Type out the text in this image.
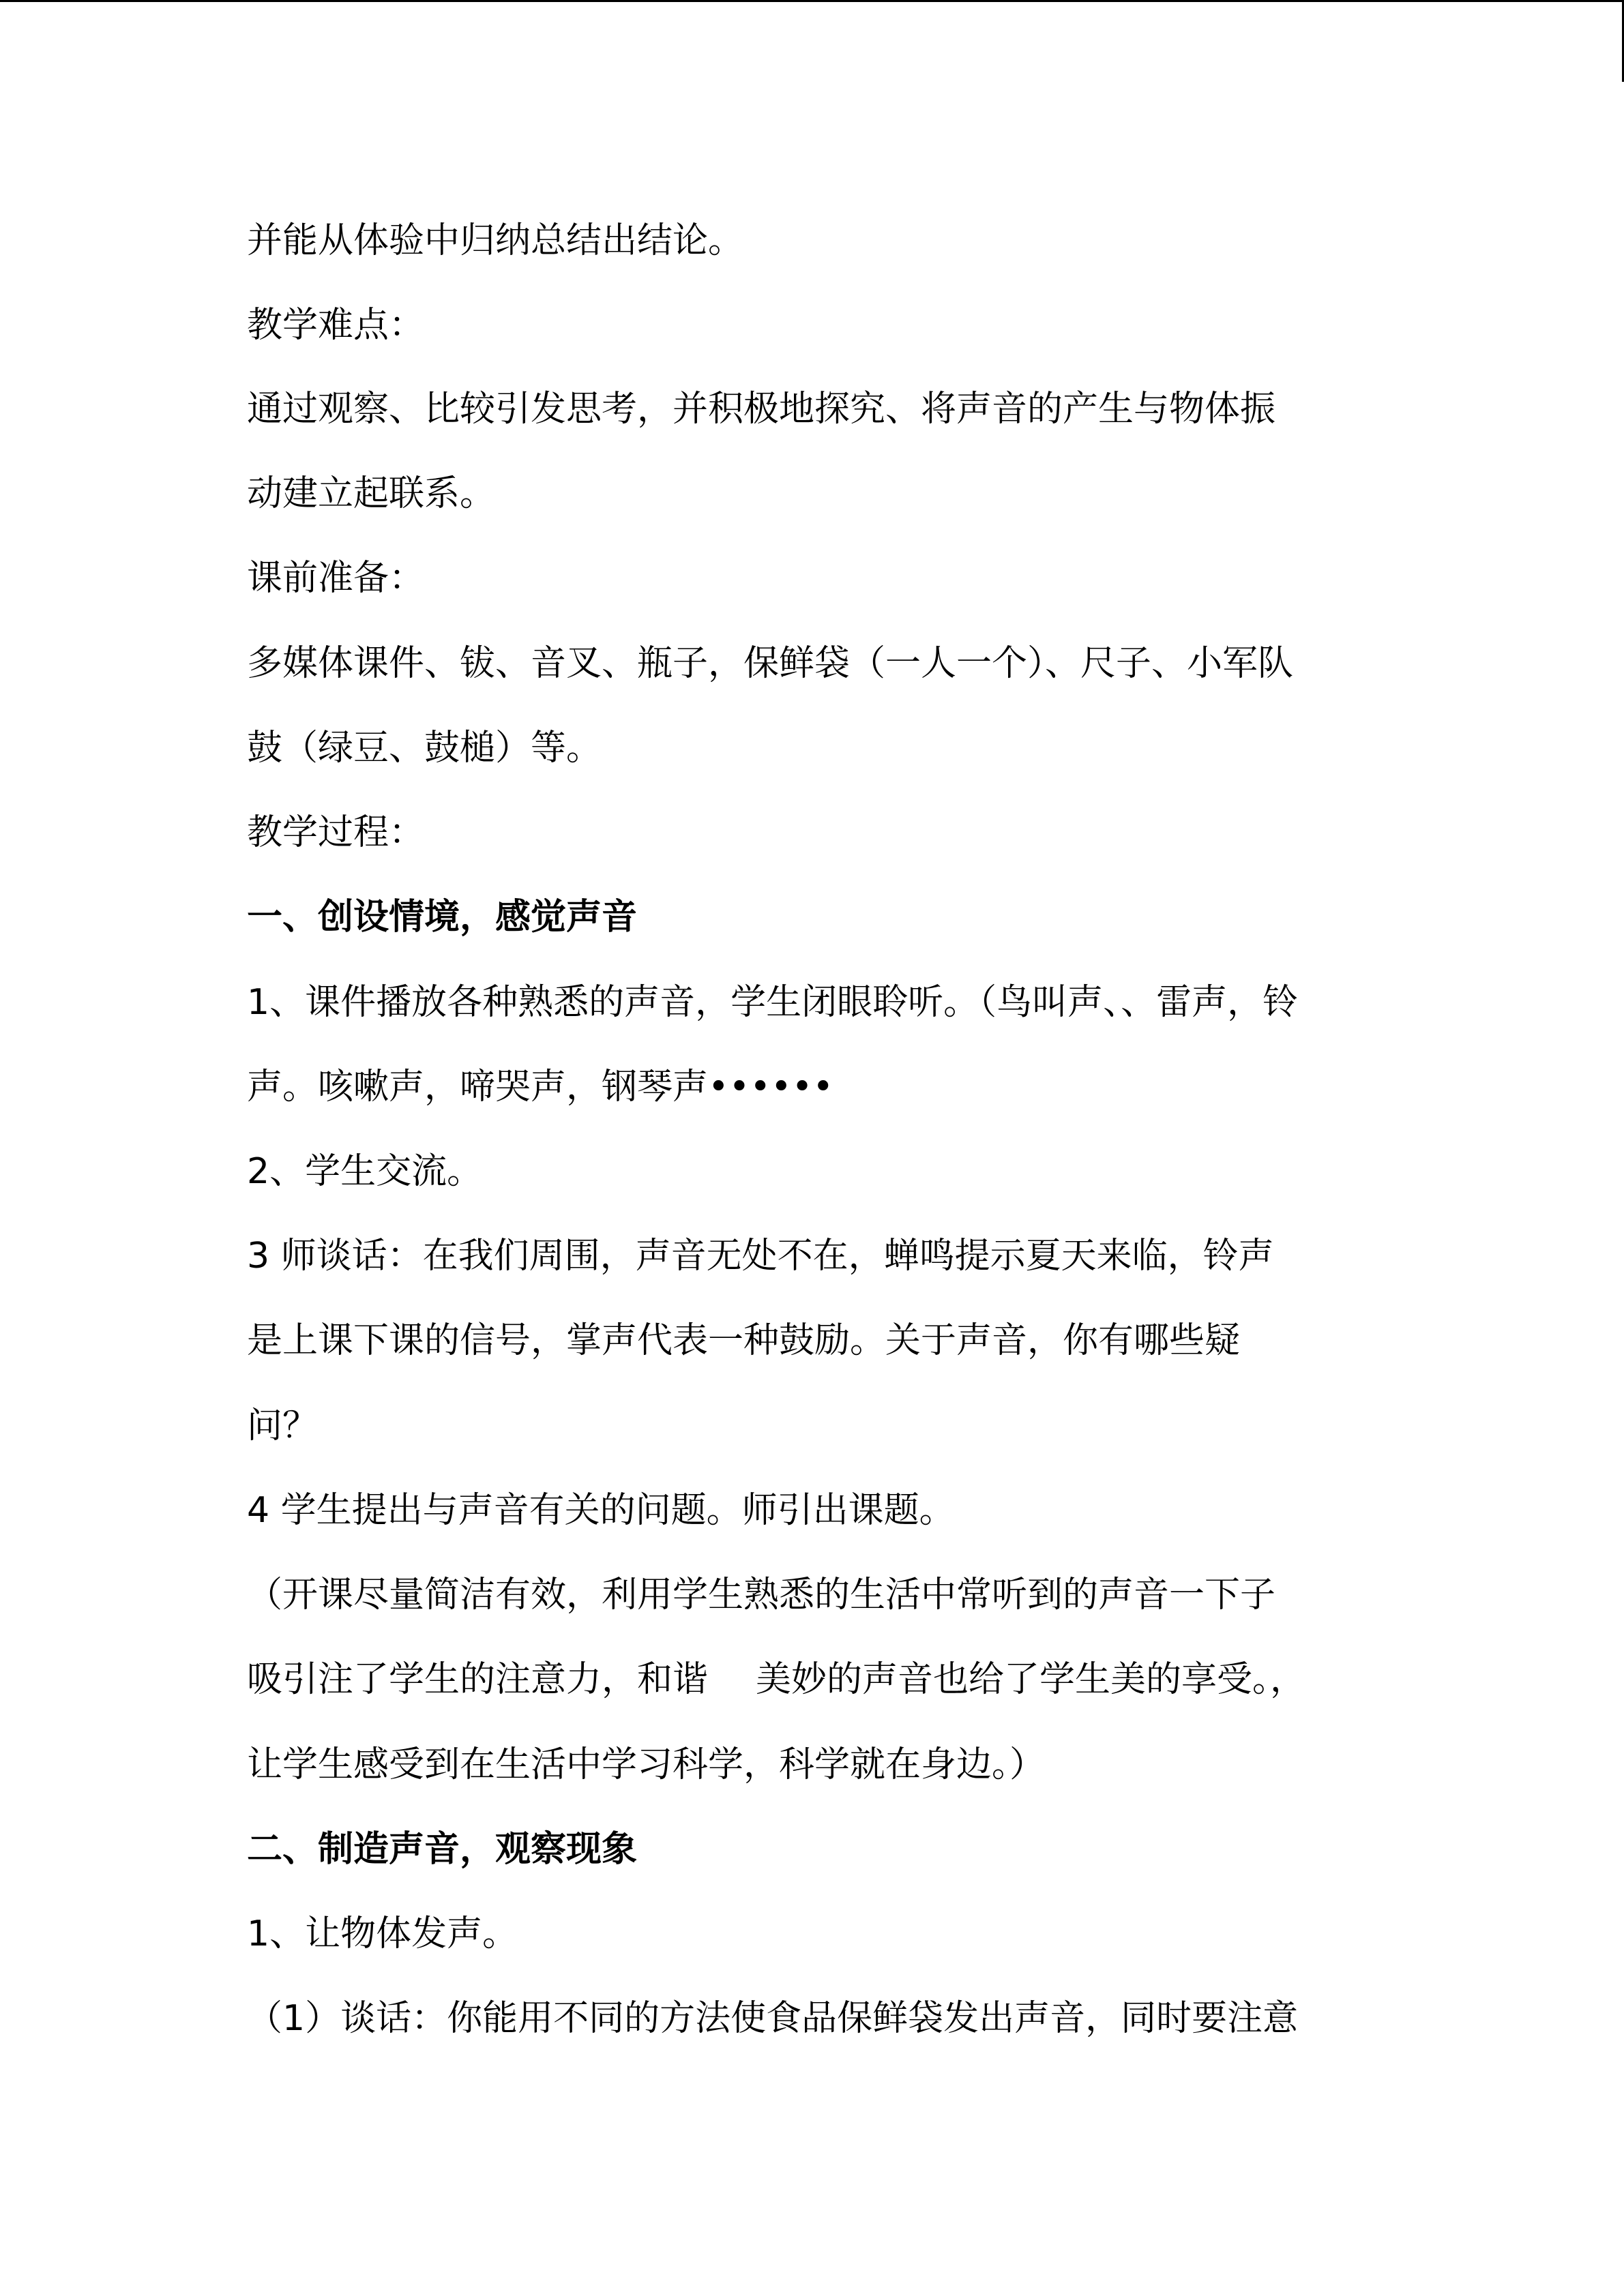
并能从体验中归纳总结出结论。
教学难点：
通过观察、比较引发思考，并积极地探究、将声音的产生与物体振
动建立起联系。
课前准备：
多媒体课件、钹、音叉、瓶子，保鲜袋（一人一个）、尺子、小军队
鼓（绿豆、鼓槌）等。
教学过程：
一、创设情境，感觉声音
1、课件播放各种熟悉的声音，学生闭眼聆听。（鸟叫声、、雷声，铃
声。咳嗽声，啼哭声，钢琴声••••••
2、学生交流。
3 师谈话：在我们周围，声音无处不在，蝉鸣提示夏天来临，铃声
是上课下课的信号，掌声代表一种鼓励。关于声音，你有哪些疑
问？
4 学生提出与声音有关的问题。师引出课题。
（开课尽量简洁有效，利用学生熟悉的生活中常听到的声音一下子
吸引注了学生的注意力，和谐 美妙的声音也给了学生美的享受。，
让学生感受到在生活中学习科学，科学就在身边。）
二、制造声音，观察现象
1、让物体发声。
（1）谈话：你能用不同的方法使食品保鲜袋发出声音，同时要注意
